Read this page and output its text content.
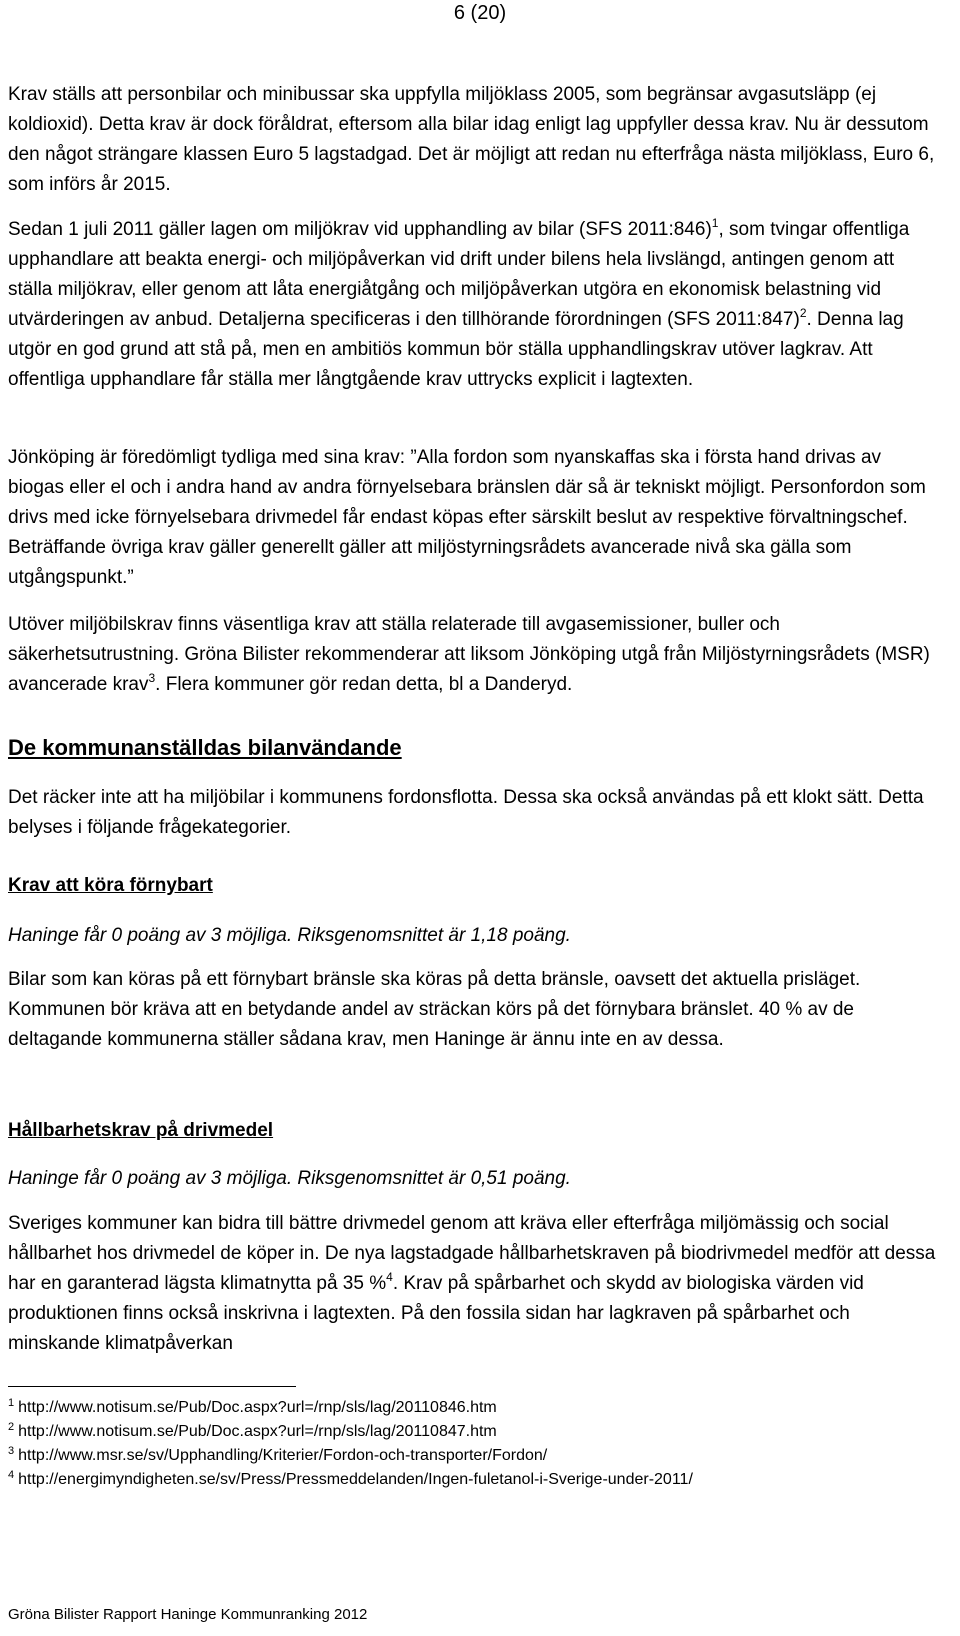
6 (20)

Krav ställs att personbilar och minibussar ska uppfylla miljöklass 2005, som begränsar avgasutsläpp (ej koldioxid). Detta krav är dock föråldrat, eftersom alla bilar idag enligt lag uppfyller dessa krav. Nu är dessutom den något strängare klassen Euro 5 lagstadgad. Det är möjligt att redan nu efterfråga nästa miljöklass, Euro 6, som införs år 2015.

Sedan 1 juli 2011 gäller lagen om miljökrav vid upphandling av bilar (SFS 2011:846)$^1$, som tvingar offentliga upphandlare att beakta energi- och miljöpåverkan vid drift under bilens hela livslängd, antingen genom att ställa miljökrav, eller genom att låta energiåtgång och miljöpåverkan utgöra en ekonomisk belastning vid utvärderingen av anbud. Detaljerna specificeras i den tillhörande förordningen (SFS 2011:847)$^2$. Denna lag utgör en god grund att stå på, men en ambitiös kommun bör ställa upphandlingskrav utöver lagkrav. Att offentliga upphandlare får ställa mer långtgående krav uttrycks explicit i lagtexten.

Jönköping är föredömligt tydliga med sina krav: ”Alla fordon som nyanskaffas ska i första hand drivas av biogas eller el och i andra hand av andra förnyelsebara bränslen där så är tekniskt möjligt. Personfordon som drivs med icke förnyelsebara drivmedel får endast köpas efter särskilt beslut av respektive förvaltningschef. Beträffande övriga krav gäller generellt gäller att miljöstyrningsrådets avancerade nivå ska gälla som utgångspunkt.”

Utöver miljöbilskrav finns väsentliga krav att ställa relaterade till avgasemissioner, buller och säkerhetsutrustning. Gröna Bilister rekommenderar att liksom Jönköping utgå från Miljöstyrningsrådets (MSR) avancerade krav$^3$. Flera kommuner gör redan detta, bl a Danderyd.

De kommunanställdas bilanvändande

Det räcker inte att ha miljöbilar i kommunens fordonsflotta. Dessa ska också användas på ett klokt sätt. Detta belyses i följande frågekategorier.

Krav att köra förnybart

Haninge får 0 poäng av 3 möjliga. Riksgenomsnittet är 1,18 poäng.

Bilar som kan köras på ett förnybart bränsle ska köras på detta bränsle, oavsett det aktuella prisläget. Kommunen bör kräva att en betydande andel av sträckan körs på det förnybara bränslet. 40 % av de deltagande kommunerna ställer sådana krav, men Haninge är ännu inte en av dessa.

Hållbarhetskrav på drivmedel

Haninge får 0 poäng av 3 möjliga. Riksgenomsnittet är 0,51 poäng.

Sveriges kommuner kan bidra till bättre drivmedel genom att kräva eller efterfråga miljömässig och social hållbarhet hos drivmedel de köper in. De nya lagstadgade hållbarhetskraven på biodrivmedel medför att dessa har en garanterad lägsta klimatnytta på 35 %$^4$. Krav på spårbarhet och skydd av biologiska värden vid produktionen finns också inskrivna i lagtexten. På den fossila sidan har lagkraven på spårbarhet och minskande klimatpåverkan

$^1$ http://www.notisum.se/Pub/Doc.aspx?url=/rnp/sls/lag/20110846.htm
$^2$ http://www.notisum.se/Pub/Doc.aspx?url=/rnp/sls/lag/20110847.htm
$^3$ http://www.msr.se/sv/Upphandling/Kriterier/Fordon-och-transporter/Fordon/
$^4$ http://energimyndigheten.se/sv/Press/Pressmeddelanden/Ingen-fuletanol-i-Sverige-under-2011/
Gröna Bilister Rapport Haninge Kommunranking 2012
